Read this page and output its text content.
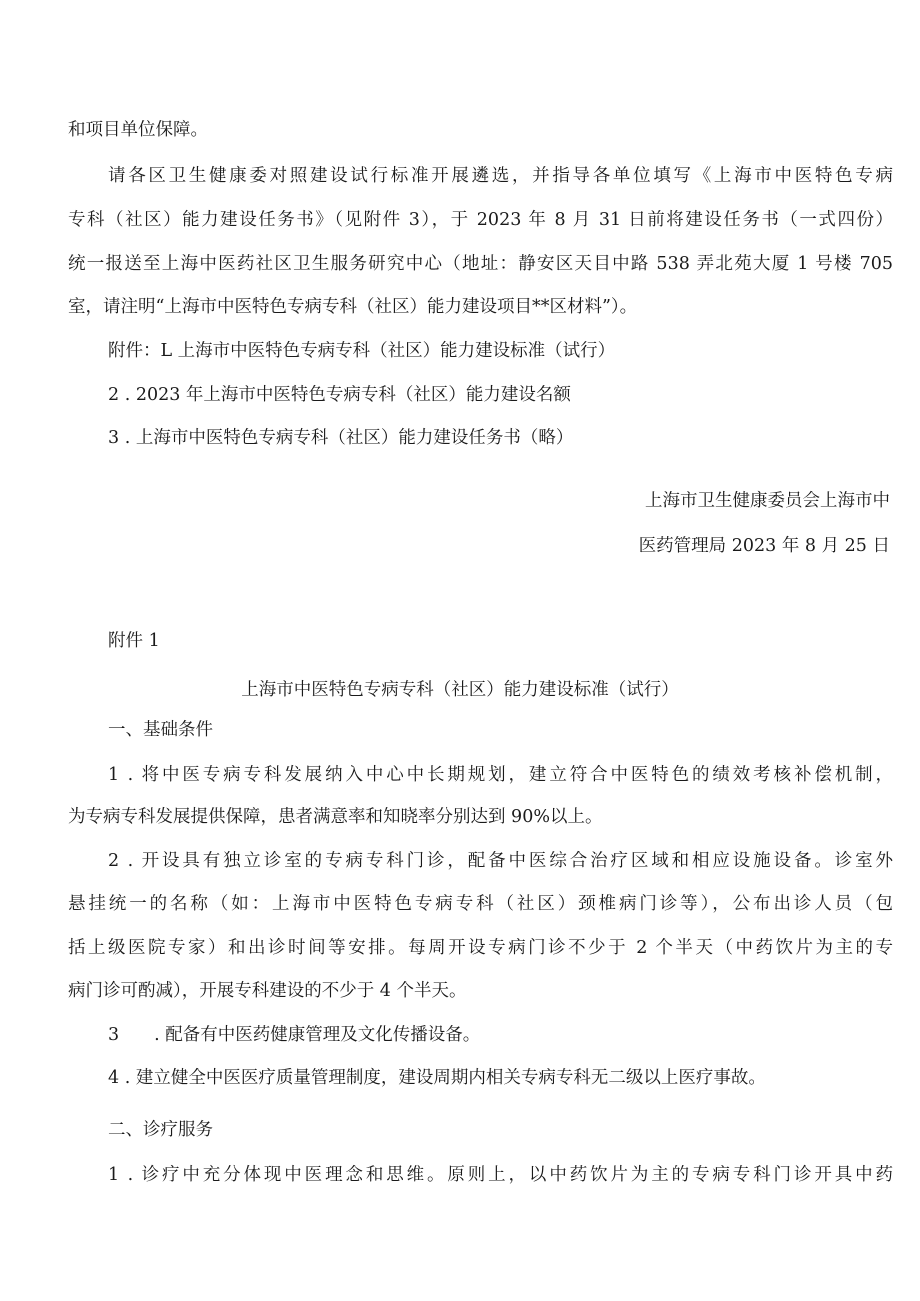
和项目单位保障。
请各区卫生健康委对照建设试行标准开展遴选，并指导各单位填写《上海市中医特色专病
专科（社区）能力建设任务书》（见附件 3），于 2023 年 8 月 31 日前将建设任务书（一式四份）
统一报送至上海中医药社区卫生服务研究中心（地址：静安区天目中路 538 弄北苑大厦 1 号楼 705
室，请注明“上海市中医特色专病专科（社区）能力建设项目**区材料”）。
附件：L 上海市中医特色专病专科（社区）能力建设标准（试行）
2 . 2023 年上海市中医特色专病专科（社区）能力建设名额
3 . 上海市中医特色专病专科（社区）能力建设任务书（略）
上海市卫生健康委员会上海市中
医药管理局 2023 年 8 月 25 日
附件 1
上海市中医特色专病专科（社区）能力建设标准（试行）
一、基础条件
1 . 将中医专病专科发展纳入中心中长期规划，建立符合中医特色的绩效考核补偿机制，
为专病专科发展提供保障，患者满意率和知晓率分别达到 90%以上。
2 . 开设具有独立诊室的专病专科门诊，配备中医综合治疗区域和相应设施设备。诊室外
悬挂统一的名称（如：上海市中医特色专病专科（社区）颈椎病门诊等），公布出诊人员（包
括上级医院专家）和出诊时间等安排。每周开设专病门诊不少于 2 个半天（中药饮片为主的专
病门诊可酌减），开展专科建设的不少于 4 个半天。
3　　. 配备有中医药健康管理及文化传播设备。
4 . 建立健全中医医疗质量管理制度，建设周期内相关专病专科无二级以上医疗事故。
二、诊疗服务
1 . 诊疗中充分体现中医理念和思维。原则上，以中药饮片为主的专病专科门诊开具中药
